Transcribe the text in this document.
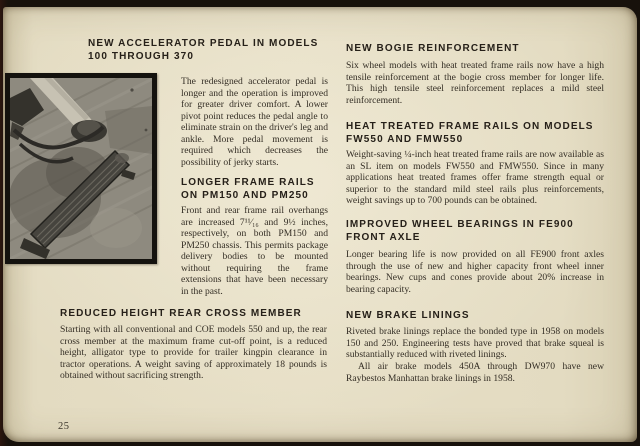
NEW ACCELERATOR PEDAL IN MODELS 100 THROUGH 370
The redesigned accelerator pedal is longer and the operation is improved for greater driver comfort. A lower pivot point reduces the pedal angle to eliminate strain on the driver's leg and ankle. More pedal movement is required which decreases the possibility of jerky starts.
LONGER FRAME RAILS ON PM150 AND PM250
Front and rear frame rail overhangs are increased 7¹¹⁄₁₆ and 9½ inches, respectively, on both PM150 and PM250 chassis. This permits package delivery bodies to be mounted without requiring the frame extensions that have been necessary in the past.
REDUCED HEIGHT REAR CROSS MEMBER
Starting with all conventional and COE models 550 and up, the rear cross member at the maximum frame cut-off point, is a reduced height, alligator type to provide for trailer kingpin clearance in tractor operations. A weight saving of approximately 18 pounds is obtained without sacrificing strength.
25
NEW BOGIE REINFORCEMENT
Six wheel models with heat treated frame rails now have a high tensile reinforcement at the bogie cross member for longer life. This high tensile steel reinforcement replaces a mild steel reinforcement.
HEAT TREATED FRAME RAILS ON MODELS FW550 AND FMW550
Weight-saving ¼-inch heat treated frame rails are now available as an SL item on models FW550 and FMW550. Since in many applications heat treated frames offer frame strength equal or superior to the standard mild steel rails plus reinforcements, weight savings up to 700 pounds can be obtained.
IMPROVED WHEEL BEARINGS IN FE900 FRONT AXLE
Longer bearing life is now provided on all FE900 front axles through the use of new and higher capacity front wheel inner bearings. New cups and cones provide about 20% increase in bearing capacity.
NEW BRAKE LININGS
Riveted brake linings replace the bonded type in 1958 on models 150 and 250. Engineering tests have proved that brake squeal is substantially reduced with riveted linings.
All air brake models 450A through DW970 have new Raybestos Manhattan brake linings in 1958.
